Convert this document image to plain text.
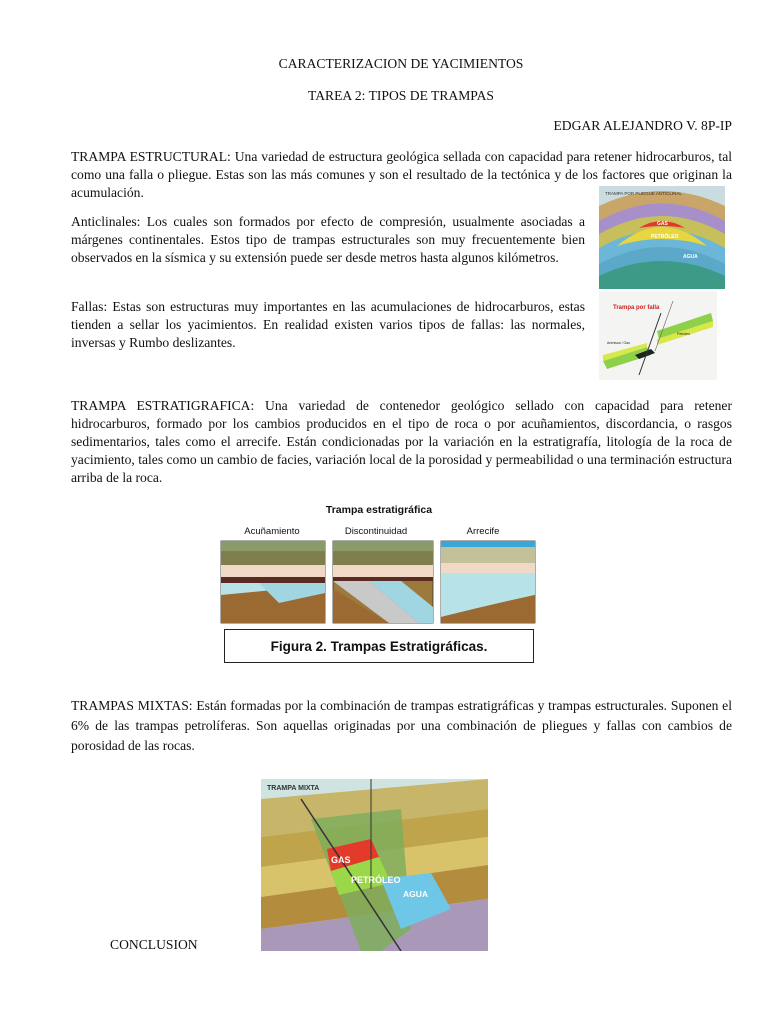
CARACTERIZACION DE YACIMIENTOS
TAREA 2: TIPOS DE TRAMPAS
EDGAR ALEJANDRO V. 8P-IP

TRAMPA ESTRUCTURAL: Una variedad de estructura geológica sellada con capacidad para retener hidrocarburos, tal como una falla o pliegue. Estas son las más comunes y son el resultado de la tectónica y de los factores que originan la acumulación.

Anticlinales: Los cuales son formados por efecto de compresión, usualmente asociadas a márgenes continentales. Estos tipo de trampas estructurales son muy frecuentemente bien observados en la sísmica y su extensión puede ser desde metros hasta algunos kilómetros.

Fallas: Estas son estructuras muy importantes en las acumulaciones de hidrocarburos, estas tienden a sellar los yacimientos. En realidad existen varios tipos de fallas: las normales, inversas y Rumbo deslizantes.

TRAMPA POR PLIEGUE ANTICLINAL
GAS
PETRÓLEO
AGUA
Trampa por falla
Arenisca / Gas
Petróleo

TRAMPA ESTRATIGRAFICA: Una variedad de contenedor geológico sellado con capacidad para retener hidrocarburos, formado por los cambios producidos en el tipo de roca o por acuñamientos, discordancia, o rasgos sedimentarios, tales como el arrecife. Están condicionadas por la variación en la estratigrafía, litología de la roca de yacimiento, tales como un cambio de facies, variación local de la porosidad y permeabilidad o una terminación estructura arriba de la roca.

Trampa estratigráfica
Acuñamiento	Discontinuidad	Arrecife
Figura 2. Trampas Estratigráficas.

TRAMPAS MIXTAS: Están formadas por la combinación de trampas estratigráficas y trampas estructurales. Suponen el 6% de las trampas petrolíferas. Son aquellas originadas por una combinación de pliegues y fallas con cambios de porosidad de las rocas.

TRAMPA MIXTA
GAS
PETRÓLEO
AGUA
CONCLUSION
